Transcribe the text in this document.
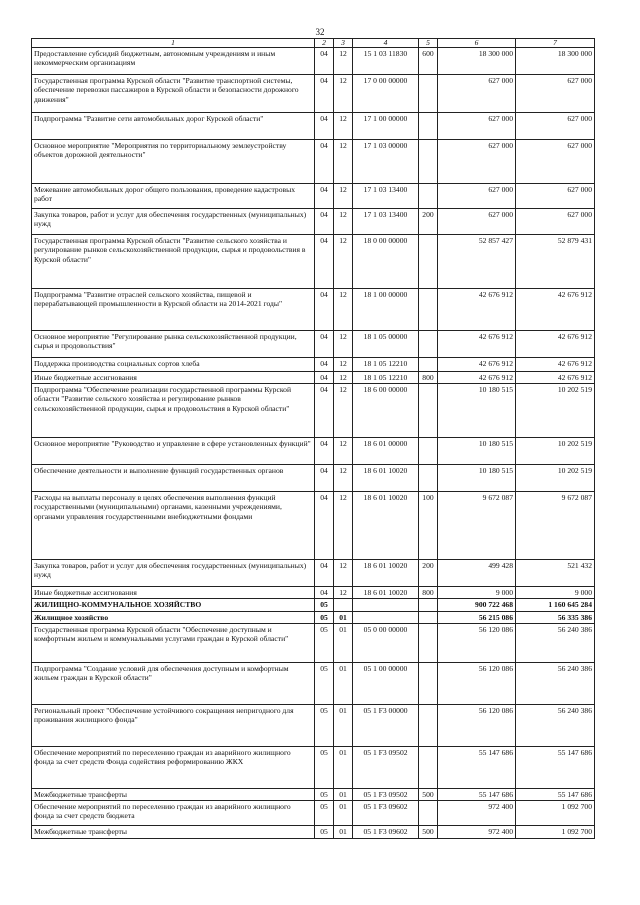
32
1	2	3	4	5	6	7
Предоставление субсидий бюджетным, автономным учреждениям и иным некоммерческим организациям	04	12	15 1 03 11830	600	18 300 000	18 300 000
Государственная программа Курской области "Развитие транспортной системы, обеспечение перевозки пассажиров в Курской области и безопасности дорожного движения"	04	12	17 0 00 00000		627 000	627 000
Подпрограмма "Развитие сети автомобильных дорог Курской области"	04	12	17 1 00 00000		627 000	627 000
Основное мероприятие "Мероприятия по территориальному землеустройству объектов дорожной деятельности"	04	12	17 1 03 00000		627 000	627 000
Межевание автомобильных дорог общего пользования, проведение кадастровых работ	04	12	17 1 03 13400		627 000	627 000
Закупка товаров, работ и услуг для обеспечения государственных (муниципальных) нужд	04	12	17 1 03 13400	200	627 000	627 000
Государственная программа Курской области "Развитие сельского хозяйства и регулирование рынков сельскохозяйственной продукции, сырья и продовольствия в Курской области"	04	12	18 0 00 00000		52 857 427	52 879 431
Подпрограмма "Развитие отраслей сельского хозяйства, пищевой и перерабатывающей промышленности в Курской области на 2014-2021 годы"	04	12	18 1 00 00000		42 676 912	42 676 912
Основное мероприятие "Регулирование рынка сельскохозяйственной продукции, сырья и продовольствия"	04	12	18 1 05 00000		42 676 912	42 676 912
Поддержка производства социальных сортов хлеба	04	12	18 1 05 12210		42 676 912	42 676 912
Иные бюджетные ассигнования	04	12	18 1 05 12210	800	42 676 912	42 676 912
Подпрограмма "Обеспечение реализации государственной программы Курской области "Развитие сельского хозяйства и регулирование рынков сельскохозяйственной продукции, сырья и продовольствия в Курской области"	04	12	18 6 00 00000		10 180 515	10 202 519
Основное мероприятие "Руководство и управление в сфере установленных функций"	04	12	18 6 01 00000		10 180 515	10 202 519
Обеспечение деятельности и выполнение функций государственных органов	04	12	18 6 01 10020		10 180 515	10 202 519
Расходы на выплаты персоналу в целях обеспечения выполнения функций государственными (муниципальными) органами, казенными учреждениями, органами управления государственными внебюджетными фондами	04	12	18 6 01 10020	100	9 672 087	9 672 087
Закупка товаров, работ и услуг для обеспечения государственных (муниципальных) нужд	04	12	18 6 01 10020	200	499 428	521 432
Иные бюджетные ассигнования	04	12	18 6 01 10020	800	9 000	9 000
ЖИЛИЩНО-КОММУНАЛЬНОЕ ХОЗЯЙСТВО	05				900 722 468	1 160 645 284
Жилищное хозяйство	05	01			56 215 086	56 335 386
Государственная программа Курской области "Обеспечение доступным и комфортным жильем и коммунальными услугами граждан в Курской области"	05	01	05 0 00 00000		56 120 086	56 240 386
Подпрограмма "Создание условий для обеспечения доступным и комфортным жильем граждан в Курской области"	05	01	05 1 00 00000		56 120 086	56 240 386
Региональный проект "Обеспечение устойчивого сокращения непригодного для проживания жилищного фонда"	05	01	05 1 F3 00000		56 120 086	56 240 386
Обеспечение мероприятий по переселению граждан из аварийного жилищного фонда за счет средств Фонда содействия реформированию ЖКХ	05	01	05 1 F3 09502		55 147 686	55 147 686
Межбюджетные трансферты	05	01	05 1 F3 09502	500	55 147 686	55 147 686
Обеспечение мероприятий по переселению граждан из аварийного жилищного фонда за счет средств бюджета	05	01	05 1 F3 09602		972 400	1 092 700
Межбюджетные трансферты	05	01	05 1 F3 09602	500	972 400	1 092 700
